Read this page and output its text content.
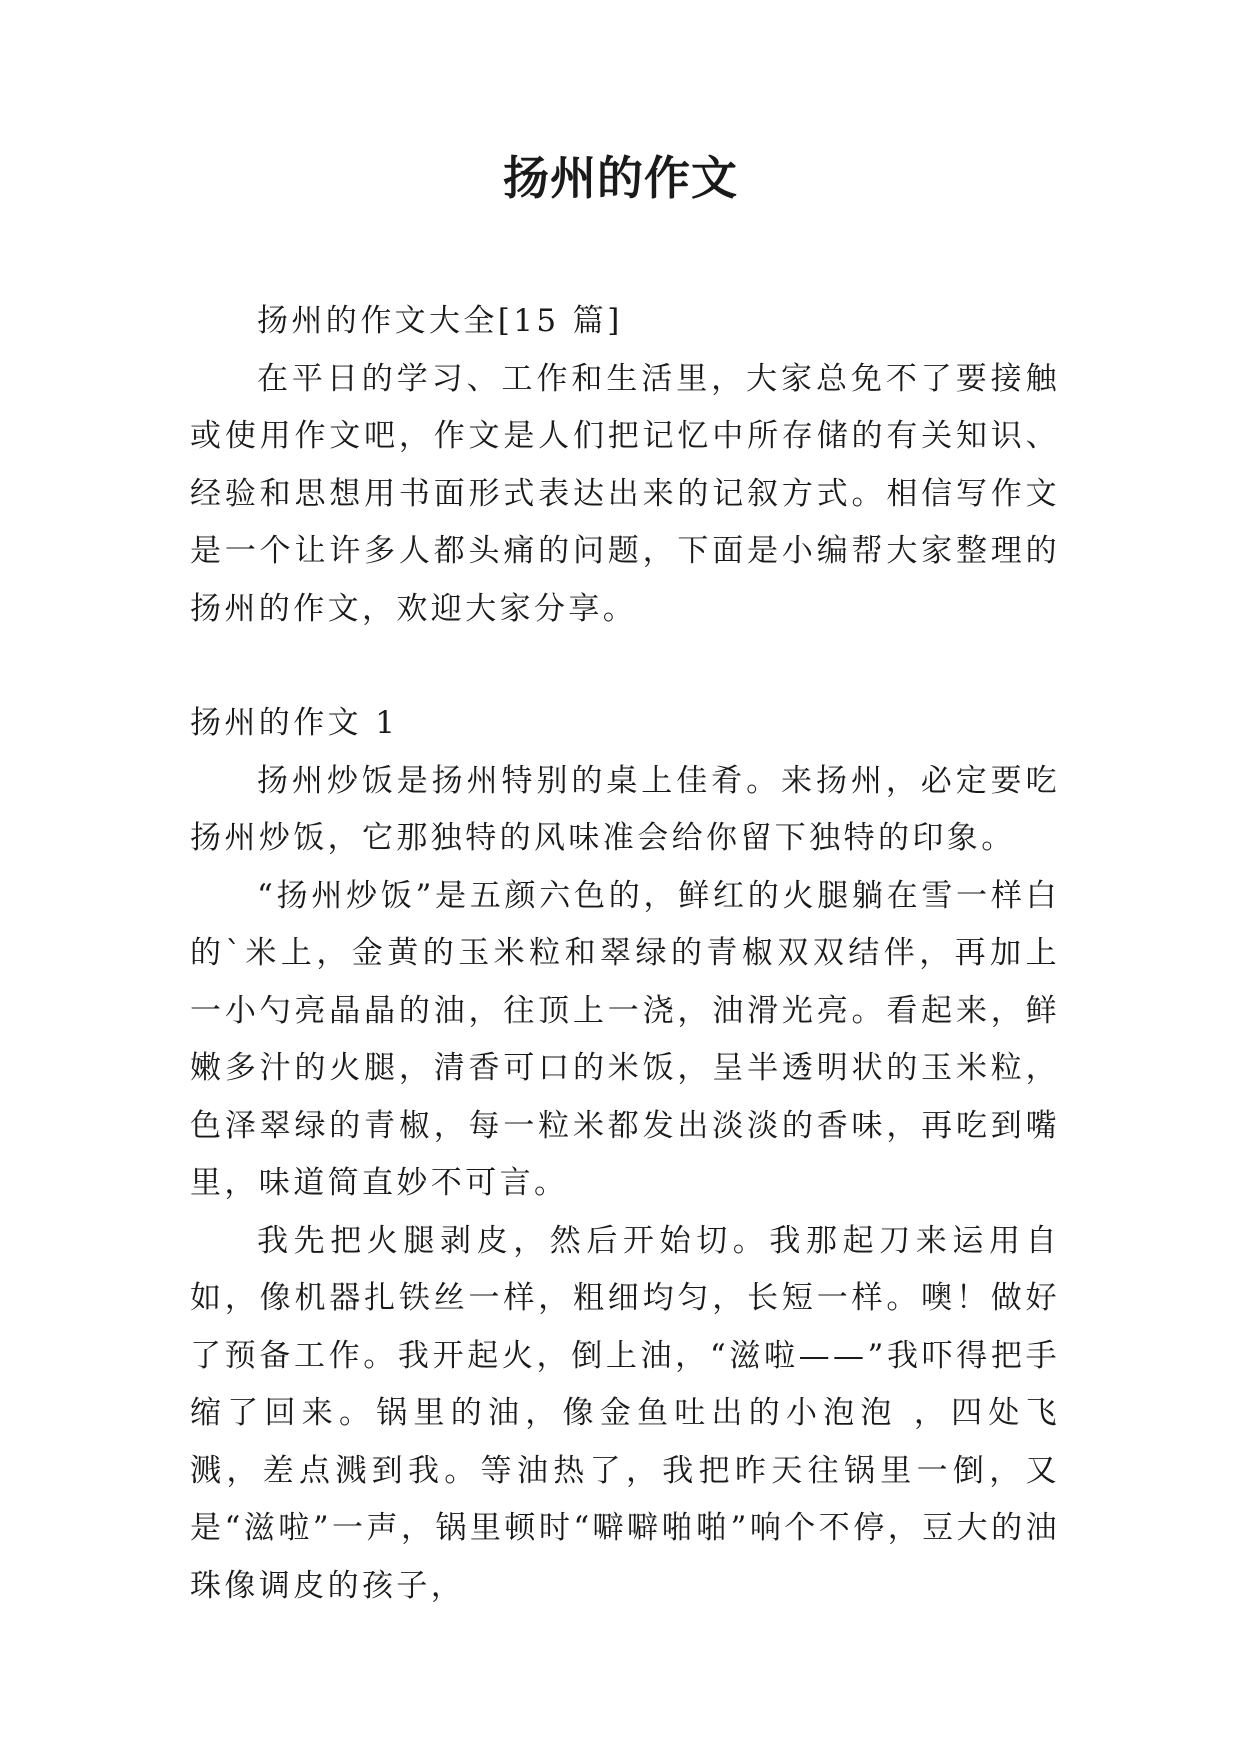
扬州的作文

扬州的作文大全[15 篇]

在平日的学习、工作和生活里，大家总免不了要接触或使用作文吧，作文是人们把记忆中所存储的有关知识、经验和思想用书面形式表达出来的记叙方式。相信写作文是一个让许多人都头痛的问题，下面是小编帮大家整理的扬州的作文，欢迎大家分享。

扬州的作文 1

扬州炒饭是扬州特别的桌上佳肴。来扬州，必定要吃扬州炒饭，它那独特的风味准会给你留下独特的印象。

“扬州炒饭”是五颜六色的，鲜红的火腿躺在雪一样白的`米上，金黄的玉米粒和翠绿的青椒双双结伴，再加上一小勺亮晶晶的油，往顶上一浇，油滑光亮。看起来，鲜嫩多汁的火腿，清香可口的米饭，呈半透明状的玉米粒，色泽翠绿的青椒，每一粒米都发出淡淡的香味，再吃到嘴里，味道简直妙不可言。

我先把火腿剥皮，然后开始切。我那起刀来运用自如，像机器扎铁丝一样，粗细均匀，长短一样。噢！做好了预备工作。我开起火，倒上油，“滋啦——”我吓得把手缩了回来。锅里的油，像金鱼吐出的小泡泡 ，四处飞溅，差点溅到我。等油热了，我把昨天往锅里一倒，又是“滋啦”一声，锅里顿时“噼噼啪啪”响个不停，豆大的油珠像调皮的孩子，
